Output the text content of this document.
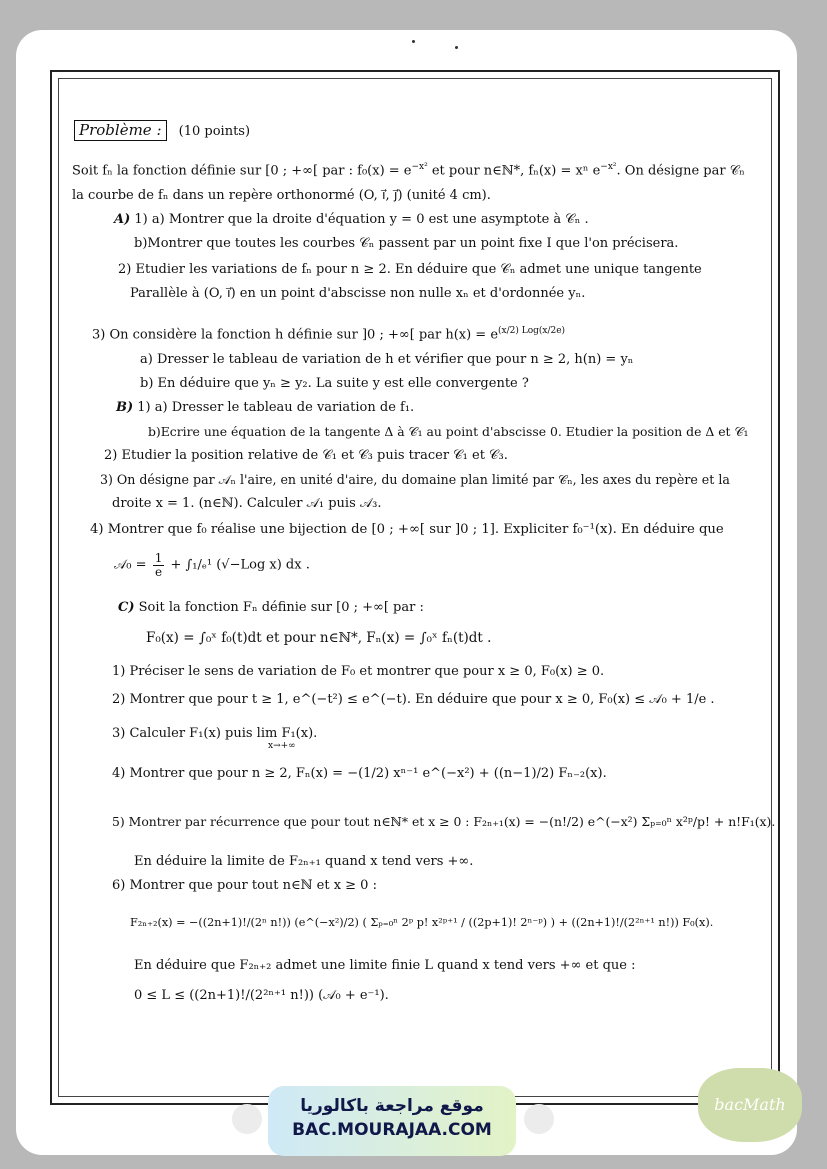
Problème : (10 points)
Soit fₙ la fonction définie sur [0 ; +∞[ par : $f_0(x) = e^{-x^2}$ et pour n∈ℕ*, fₙ(x) = xⁿ $e^{-x^2}$. On désigne par 𝒞ₙ
la courbe de fₙ dans un repère orthonormé (O, i⃗, j⃗) (unité 4 cm).
A) 1) a) Montrer que la droite d'équation y = 0 est une asymptote à 𝒞ₙ .
b)Montrer que toutes les courbes 𝒞ₙ passent par un point fixe I que l'on précisera.
2) Etudier les variations de fₙ pour n ≥ 2. En déduire que 𝒞ₙ admet une unique tangente
Parallèle à (O, i⃗) en un point d'abscisse non nulle xₙ et d'ordonnée yₙ.
3) On considère la fonction h définie sur ]0 ; +∞[ par $h(x) = e^{(x/2) Log(x/2e)}$
a) Dresser le tableau de variation de h et vérifier que pour n ≥ 2, h(n) = yₙ
b) En déduire que yₙ ≥ y₂. La suite y est elle convergente ?
B) 1) a) Dresser le tableau de variation de f₁.
b)Ecrire une équation de la tangente Δ à 𝒞₁ au point d'abscisse 0. Etudier la position de Δ et 𝒞₁
2) Etudier la position relative de 𝒞₁ et 𝒞₃ puis tracer 𝒞₁ et 𝒞₃.
3) On désigne par 𝒜ₙ l'aire, en unité d'aire, du domaine plan limité par 𝒞ₙ, les axes du repère et la
droite x = 1. (n∈ℕ). Calculer 𝒜₁ puis 𝒜₃.
4) Montrer que f₀ réalise une bijection de [0 ; +∞[ sur ]0 ; 1]. Expliciter f₀⁻¹(x). En déduire que
𝒜₀ = $\frac{1}{e} + \int_1/_e^1$ (√−Log x) dx .
C) Soit la fonction Fₙ définie sur [0 ; +∞[ par :
F₀(x) = ∫₀ˣ f₀(t)dt et pour n∈ℕ*, Fₙ(x) = ∫₀ˣ fₙ(t)dt .
1) Préciser le sens de variation de F₀ et montrer que pour x ≥ 0, F₀(x) ≥ 0.
2) Montrer que pour t ≥ 1, e^(−t²) ≤ e^(−t). En déduire que pour x ≥ 0, F₀(x) ≤ 𝒜₀ + 1/e .
3) Calculer F₁(x) puis lim F₁(x).
x→+∞
4) Montrer que pour n ≥ 2, Fₙ(x) = −(1/2) xⁿ⁻¹ e^(−x²) + ((n−1)/2) Fₙ₋₂(x).
5) Montrer par récurrence que pour tout n∈ℕ* et x ≥ 0 : F₂ₙ₊₁(x) = −(n!/2) e^(−x²) Σₚ₌₀ⁿ x²ᵖ/p! + n!F₁(x).
En déduire la limite de F₂ₙ₊₁ quand x tend vers +∞.
6) Montrer que pour tout n∈ℕ et x ≥ 0 :
F₂ₙ₊₂(x) = −((2n+1)!/(2ⁿ n!)) (e^(−x²)/2) ( Σₚ₌₀ⁿ 2ᵖ p! x²ᵖ⁺¹ / ((2p+1)! 2ⁿ⁻ᵖ) ) + ((2n+1)!/(2²ⁿ⁺¹ n!)) F₀(x).
En déduire que F₂ₙ₊₂ admet une limite finie L quand x tend vers +∞ et que :
0 ≤ L ≤ ((2n+1)!/(2²ⁿ⁺¹ n!)) (𝒜₀ + e⁻¹).
موقع مراجعة باكالوريا
BAC.MOURAJAA.COM
bacMath
